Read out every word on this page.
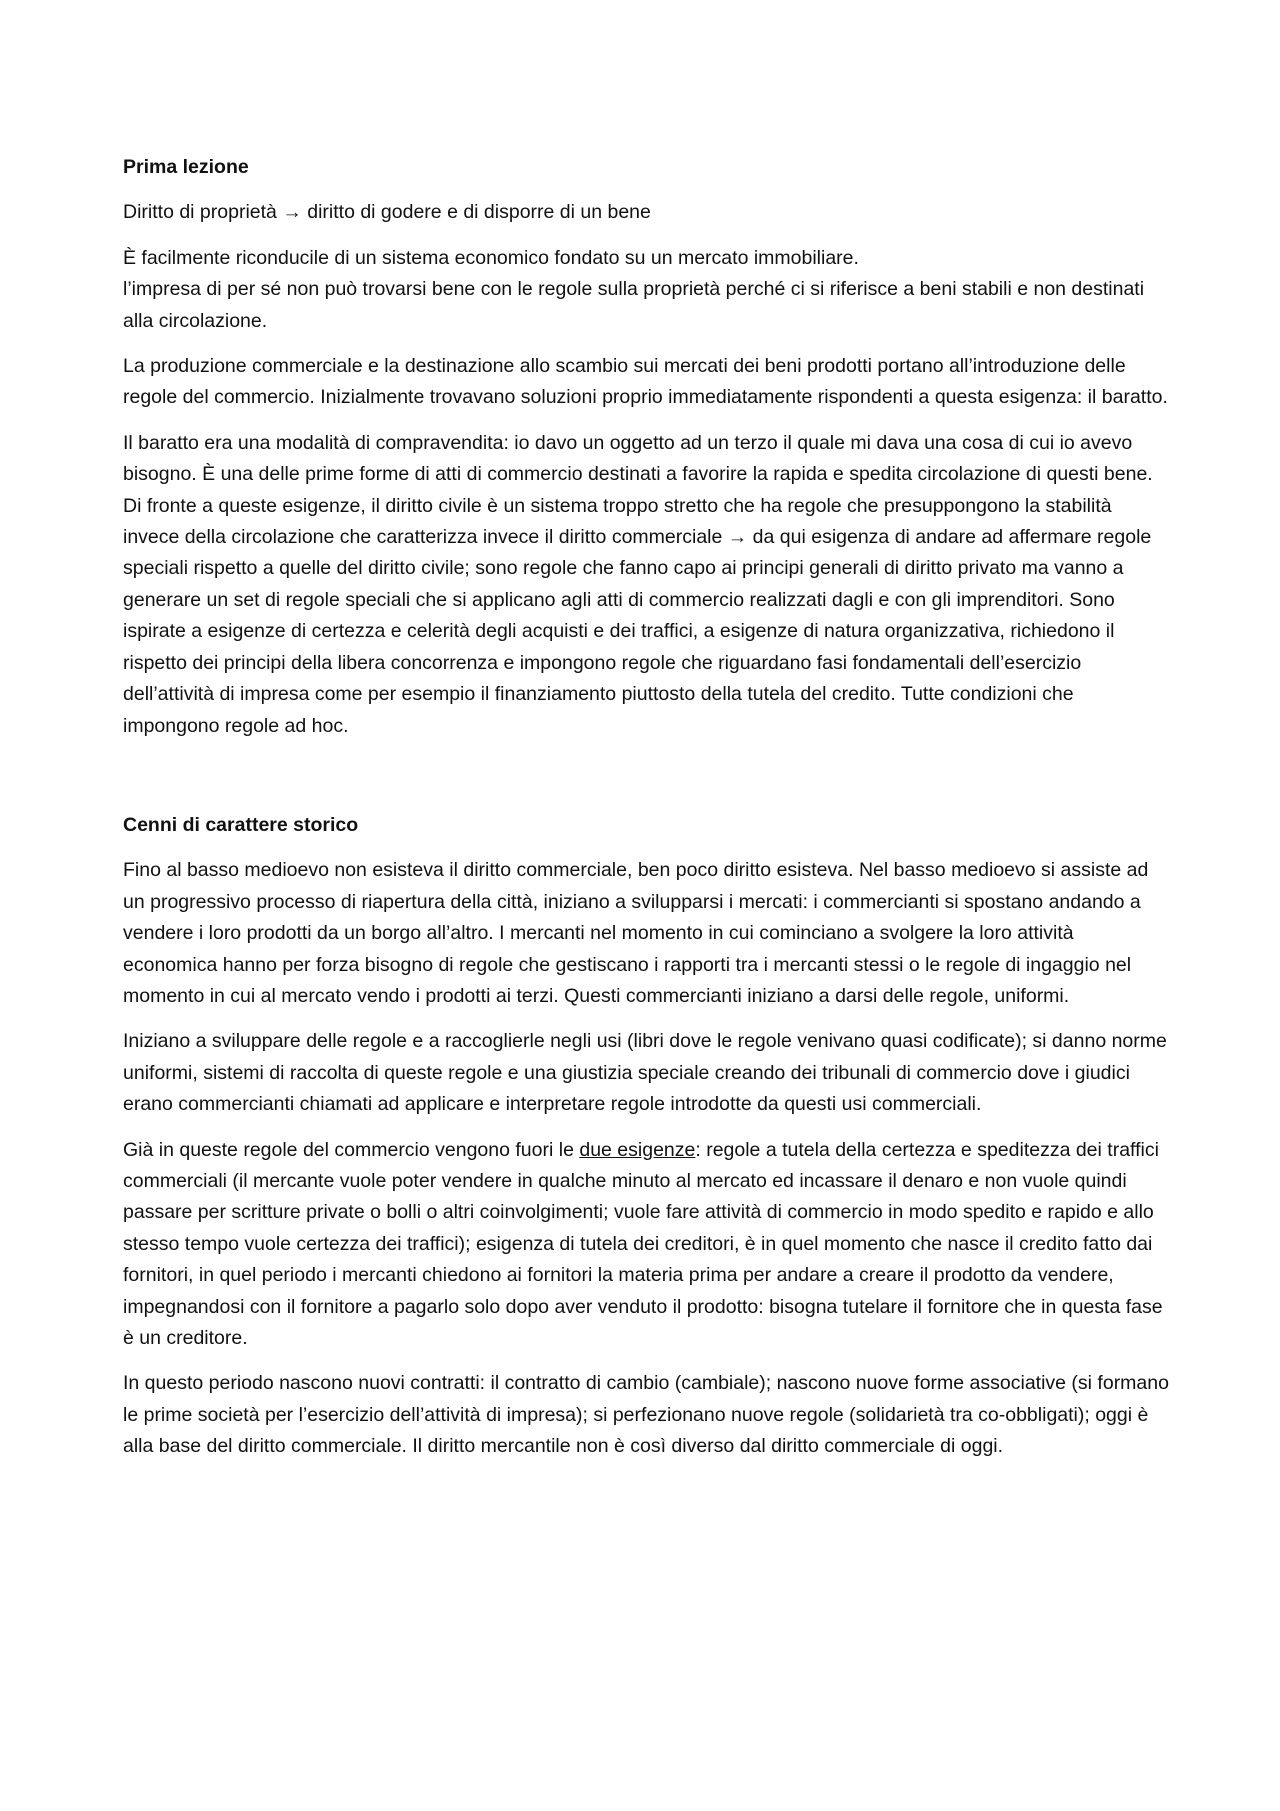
Prima lezione
Diritto di proprietà → diritto di godere e di disporre di un bene
È facilmente riconducile di un sistema economico fondato su un mercato immobiliare.
l’impresa di per sé non può trovarsi bene con le regole sulla proprietà perché ci si riferisce a beni stabili e non destinati alla circolazione.
La produzione commerciale e la destinazione allo scambio sui mercati dei beni prodotti portano all’introduzione delle regole del commercio. Inizialmente trovavano soluzioni proprio immediatamente rispondenti a questa esigenza: il baratto.
Il baratto era una modalità di compravendita: io davo un oggetto ad un terzo il quale mi dava una cosa di cui io avevo bisogno. È una delle prime forme di atti di commercio destinati a favorire la rapida e spedita circolazione di questi bene. Di fronte a queste esigenze, il diritto civile è un sistema troppo stretto che ha regole che presuppongono la stabilità invece della circolazione che caratterizza invece il diritto commerciale → da qui esigenza di andare ad affermare regole speciali rispetto a quelle del diritto civile; sono regole che fanno capo ai principi generali di diritto privato ma vanno a generare un set di regole speciali che si applicano agli atti di commercio realizzati dagli e con gli imprenditori. Sono ispirate a esigenze di certezza e celerità degli acquisti e dei traffici, a esigenze di natura organizzativa, richiedono il rispetto dei principi della libera concorrenza e impongono regole che riguardano fasi fondamentali dell’esercizio dell’attività di impresa come per esempio il finanziamento piuttosto della tutela del credito. Tutte condizioni che impongono regole ad hoc.
Cenni di carattere storico
Fino al basso medioevo non esisteva il diritto commerciale, ben poco diritto esisteva. Nel basso medioevo si assiste ad un progressivo processo di riapertura della città, iniziano a svilupparsi i mercati: i commercianti si spostano andando a vendere i loro prodotti da un borgo all’altro. I mercanti nel momento in cui cominciano a svolgere la loro attività economica hanno per forza bisogno di regole che gestiscano i rapporti tra i mercanti stessi o le regole di ingaggio nel momento in cui al mercato vendo i prodotti ai terzi. Questi commercianti iniziano a darsi delle regole, uniformi.
Iniziano a sviluppare delle regole e a raccoglierle negli usi (libri dove le regole venivano quasi codificate); si danno norme uniformi, sistemi di raccolta di queste regole e una giustizia speciale creando dei tribunali di commercio dove i giudici erano commercianti chiamati ad applicare e interpretare regole introdotte da questi usi commerciali.
Già in queste regole del commercio vengono fuori le due esigenze: regole a tutela della certezza e speditezza dei traffici commerciali (il mercante vuole poter vendere in qualche minuto al mercato ed incassare il denaro e non vuole quindi passare per scritture private o bolli o altri coinvolgimenti; vuole fare attività di commercio in modo spedito e rapido e allo stesso tempo vuole certezza dei traffici); esigenza di tutela dei creditori, è in quel momento che nasce il credito fatto dai fornitori, in quel periodo i mercanti chiedono ai fornitori la materia prima per andare a creare il prodotto da vendere, impegnandosi con il fornitore a pagarlo solo dopo aver venduto il prodotto: bisogna tutelare il fornitore che in questa fase è un creditore.
In questo periodo nascono nuovi contratti: il contratto di cambio (cambiale); nascono nuove forme associative (si formano le prime società per l’esercizio dell’attività di impresa); si perfezionano nuove regole (solidarietà tra co-obbligati); oggi è alla base del diritto commerciale. Il diritto mercantile non è così diverso dal diritto commerciale di oggi.
